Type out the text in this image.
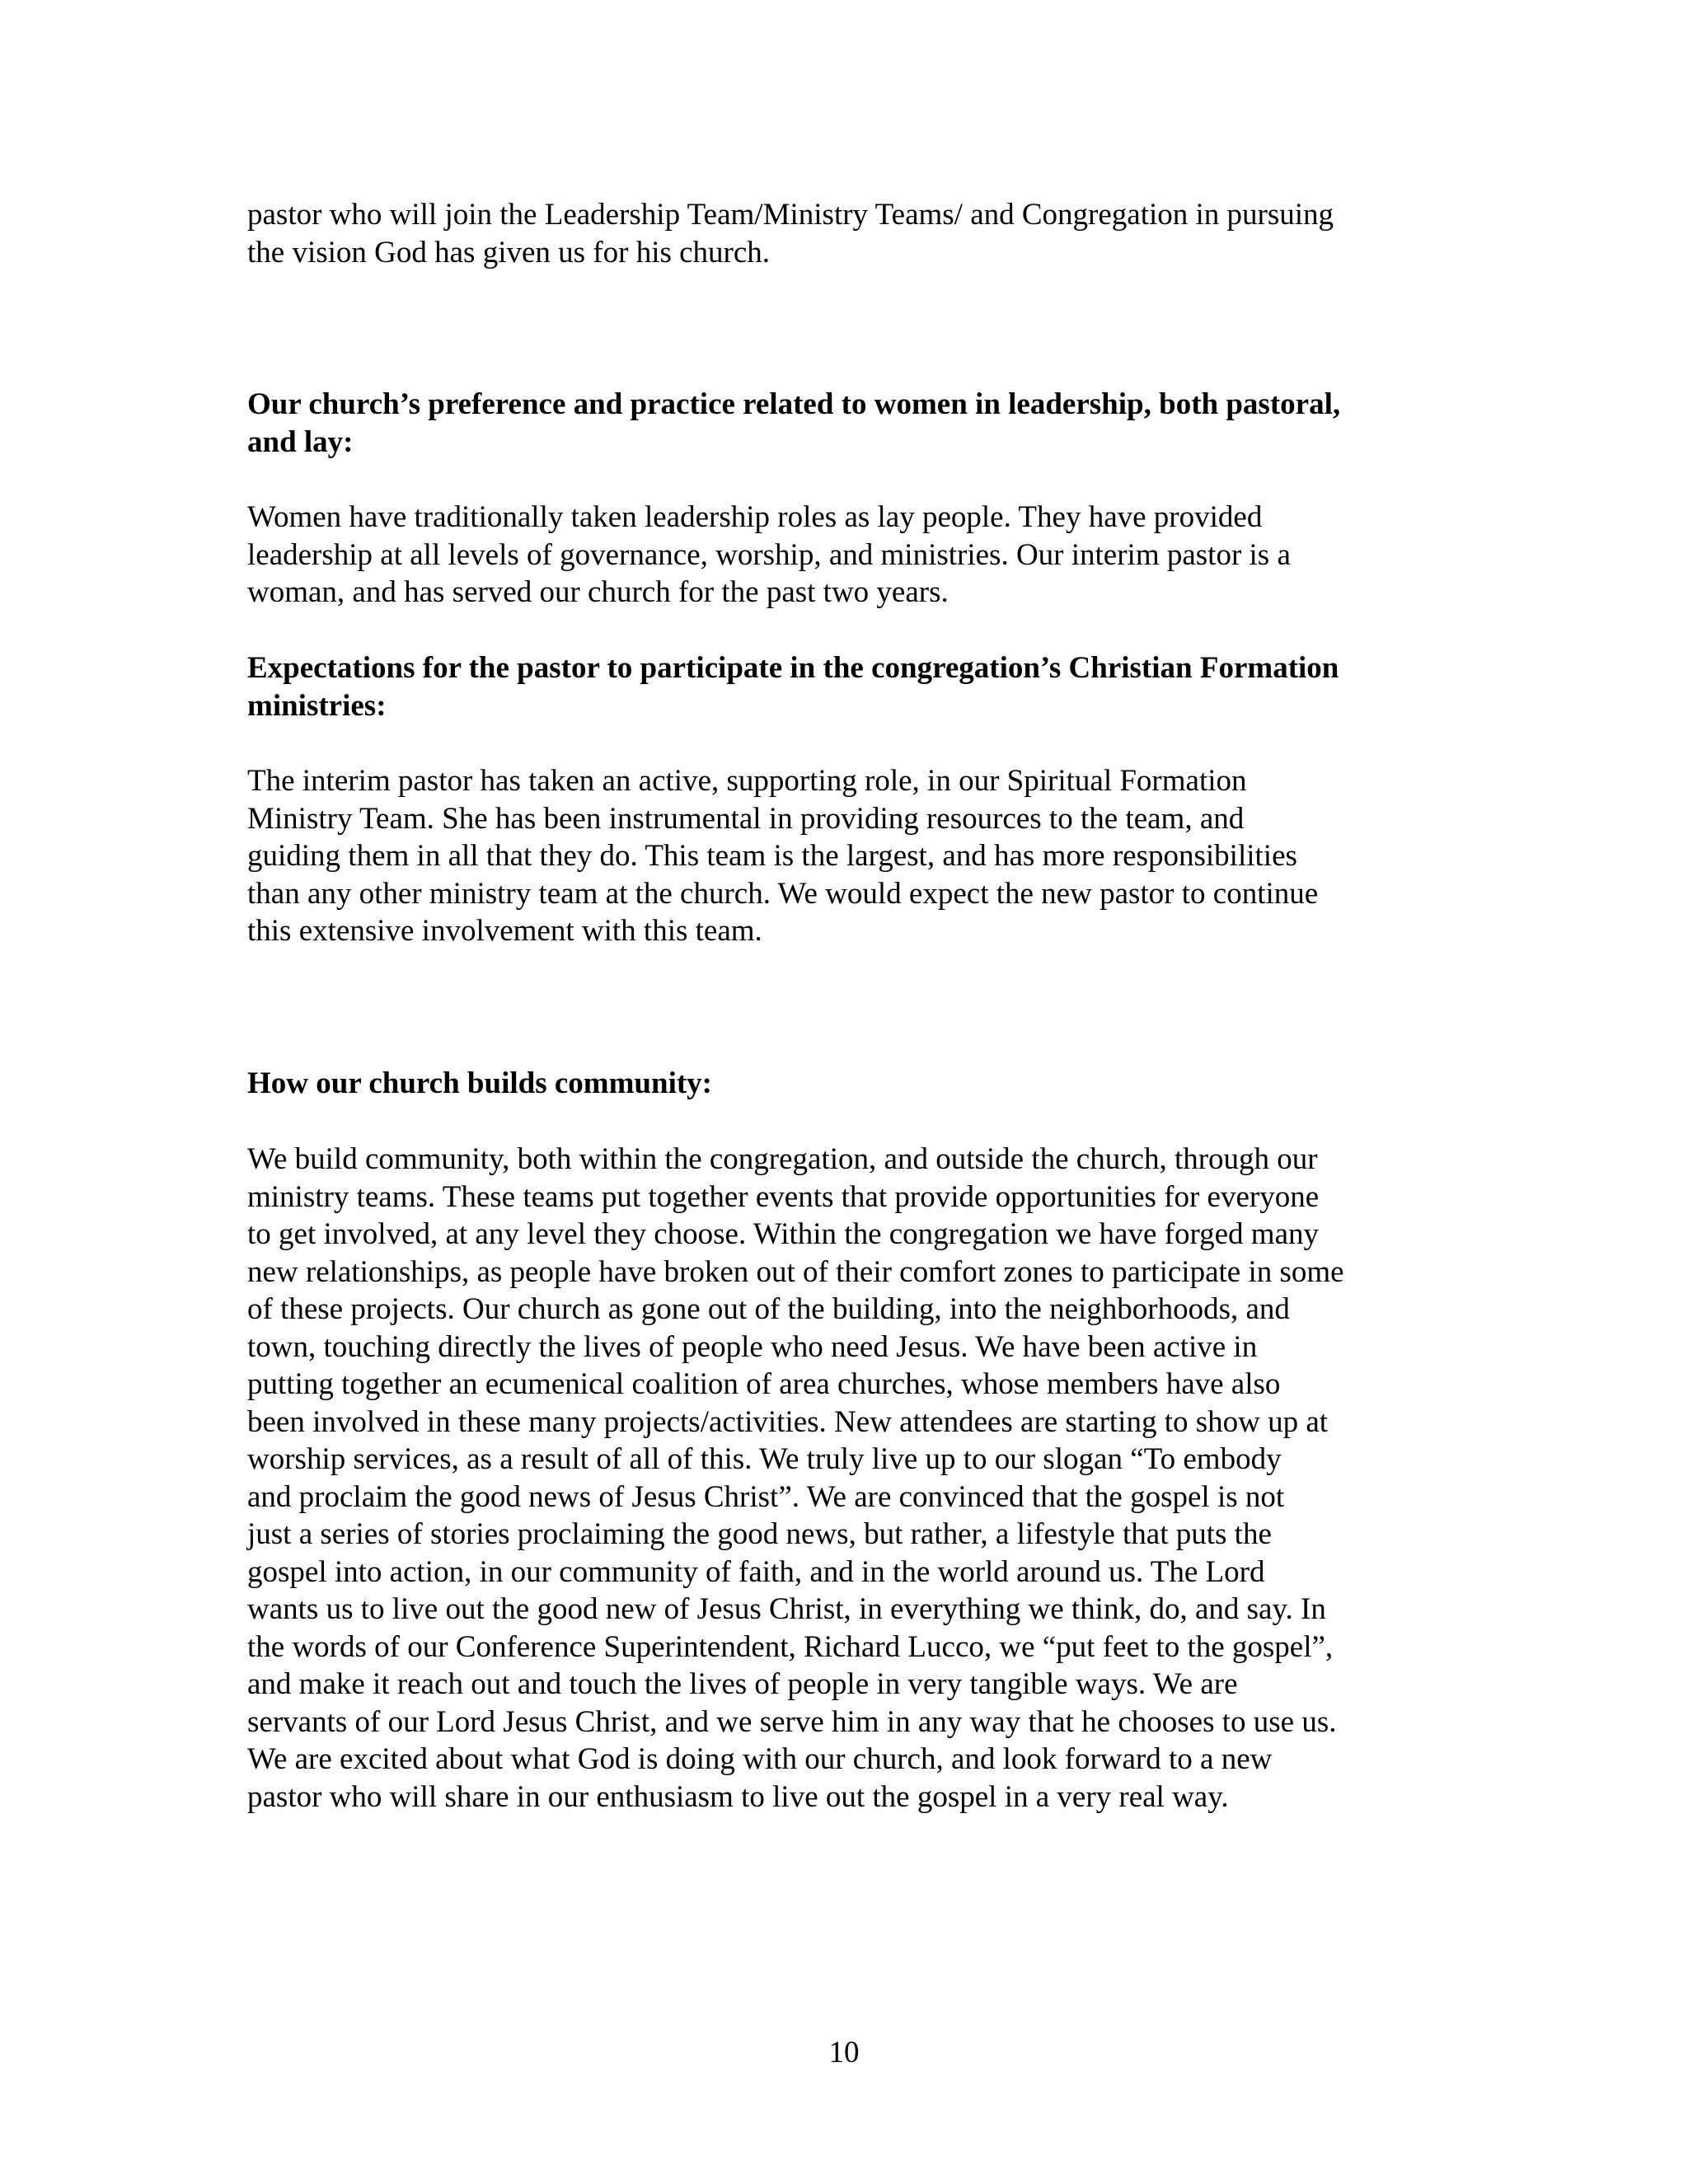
pastor who will join the Leadership Team/Ministry Teams/ and Congregation in pursuing
the vision God has given us for his church.
Our church’s preference and practice related to women in leadership, both pastoral,
and lay:
Women have traditionally taken leadership roles as lay people. They have provided
leadership at all levels of governance, worship, and ministries. Our interim pastor is a
woman, and has served our church for the past two years.
Expectations for the pastor to participate in the congregation’s Christian Formation
ministries:
The interim pastor has taken an active, supporting role, in our Spiritual Formation
Ministry Team. She has been instrumental in providing resources to the team, and
guiding them in all that they do. This team is the largest, and has more responsibilities
than any other ministry team at the church. We would expect the new pastor to continue
this extensive involvement with this team.
How our church builds community:
We build community, both within the congregation, and outside the church, through our
ministry teams. These teams put together events that provide opportunities for everyone
to get involved, at any level they choose. Within the congregation we have forged many
new relationships, as people have broken out of their comfort zones to participate in some
of these projects. Our church as gone out of the building, into the neighborhoods, and
town, touching directly the lives of people who need Jesus. We have been active in
putting together an ecumenical coalition of area churches, whose members have also
been involved in these many projects/activities. New attendees are starting to show up at
worship services, as a result of all of this. We truly live up to our slogan “To embody
and proclaim the good news of Jesus Christ”. We are convinced that the gospel is not
just a series of stories proclaiming the good news, but rather, a lifestyle that puts the
gospel into action, in our community of faith, and in the world around us. The Lord
wants us to live out the good new of Jesus Christ, in everything we think, do, and say. In
the words of our Conference Superintendent, Richard Lucco, we “put feet to the gospel”,
and make it reach out and touch the lives of people in very tangible ways. We are
servants of our Lord Jesus Christ, and we serve him in any way that he chooses to use us.
We are excited about what God is doing with our church, and look forward to a new
pastor who will share in our enthusiasm to live out the gospel in a very real way.
10
